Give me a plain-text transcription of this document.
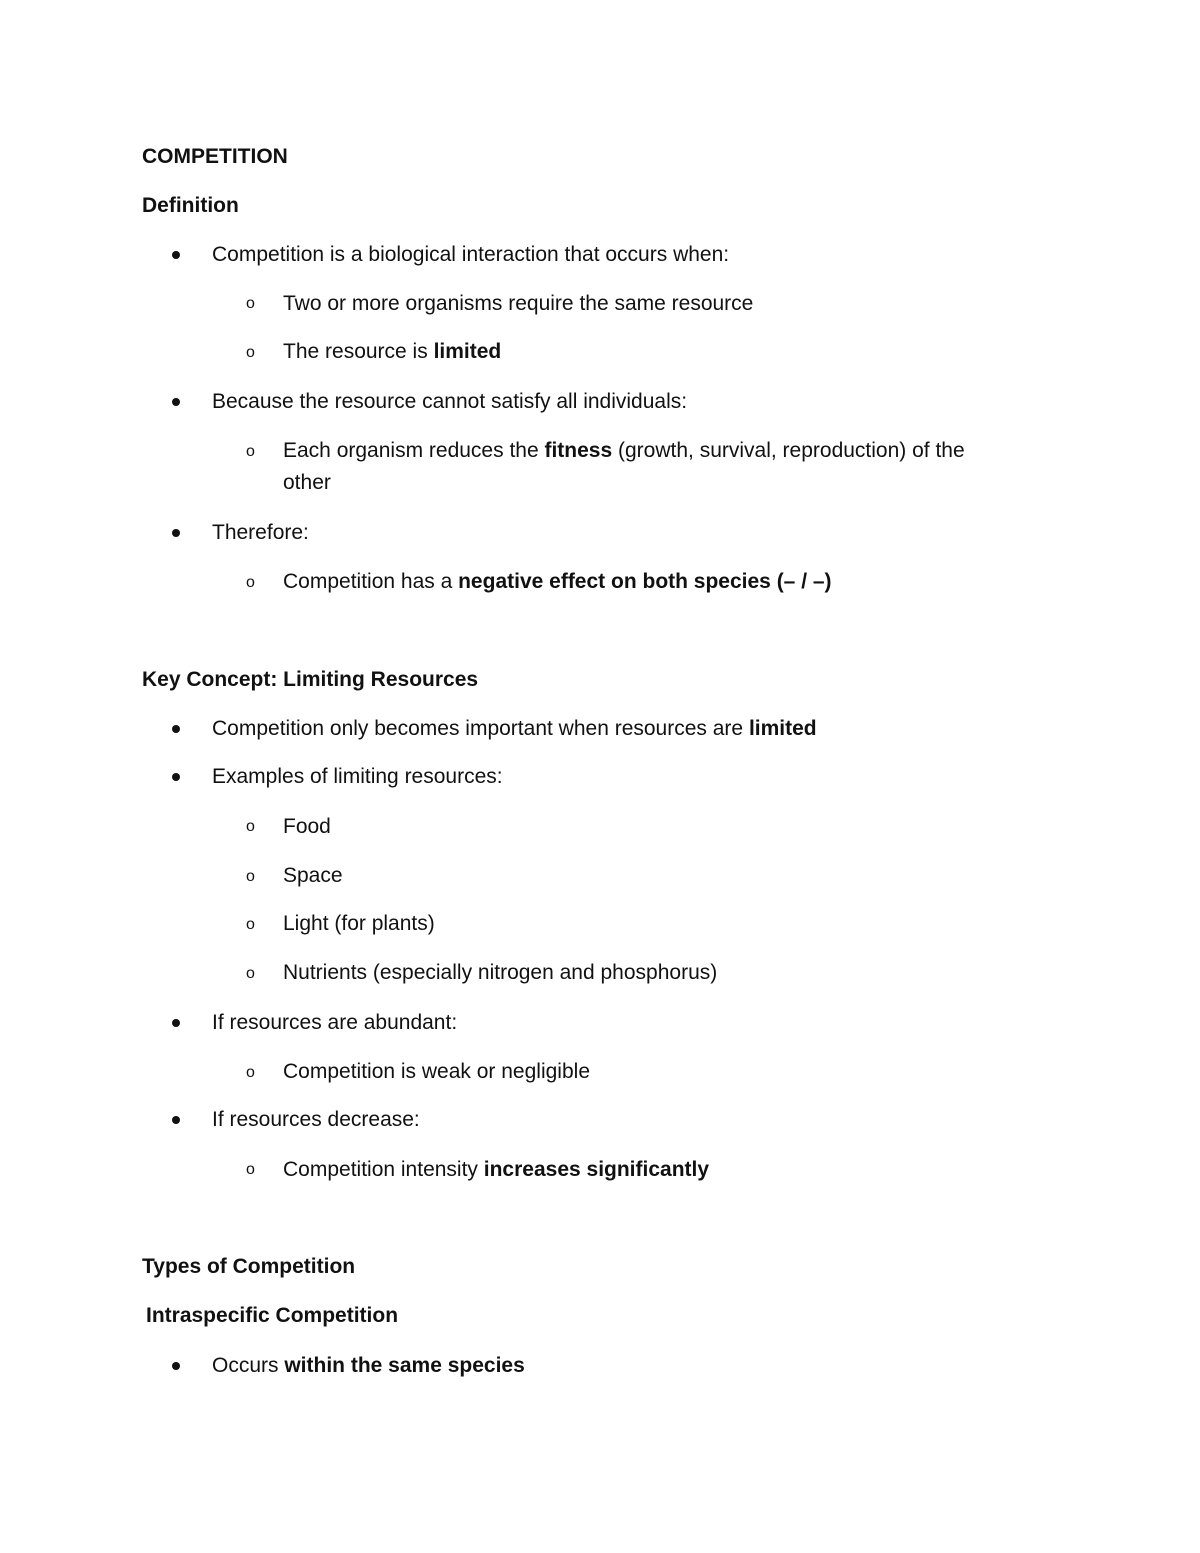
COMPETITION
Definition
Competition is a biological interaction that occurs when:
o Two or more organisms require the same resource
o The resource is limited
Because the resource cannot satisfy all individuals:
o Each organism reduces the fitness (growth, survival, reproduction) of the
other
Therefore:
o Competition has a negative effect on both species (– / –)
Key Concept: Limiting Resources
Competition only becomes important when resources are limited
Examples of limiting resources:
o Food
o Space
o Light (for plants)
o Nutrients (especially nitrogen and phosphorus)
If resources are abundant:
o Competition is weak or negligible
If resources decrease:
o Competition intensity increases significantly
Types of Competition
Intraspecific Competition
Occurs within the same species
